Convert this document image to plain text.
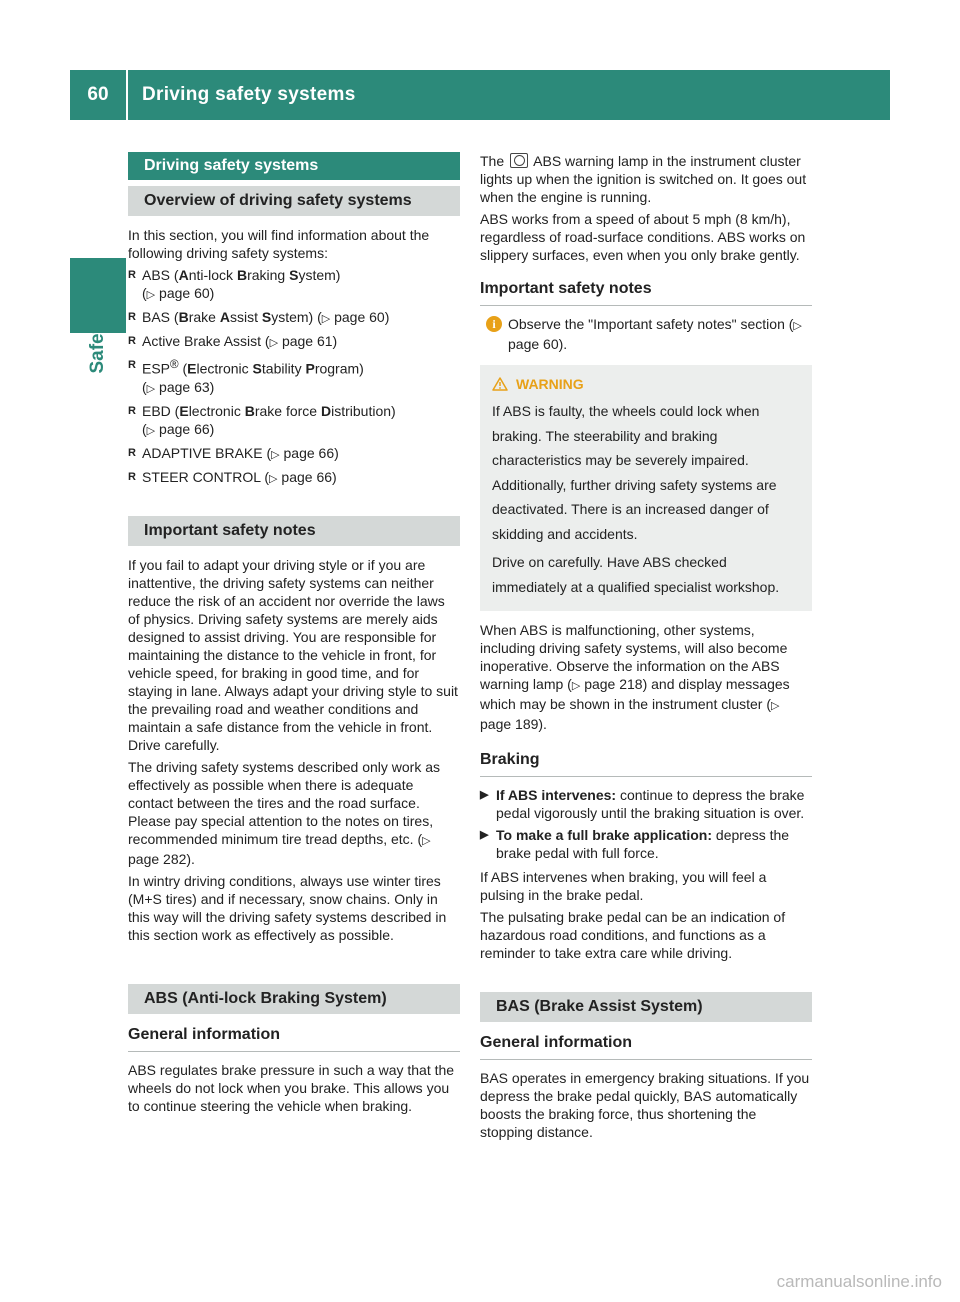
60	Driving safety systems
Safety
Driving safety systems
Overview of driving safety systems

In this section, you will find information about the following driving safety systems:

R ABS (Anti-lock Braking System)
(▷ page 60)
R BAS (Brake Assist System) (▷ page 60)
R Active Brake Assist (▷ page 61)
R ESP® (Electronic Stability Program)
(▷ page 63)
R EBD (Electronic Brake force Distribution)
(▷ page 66)
R ADAPTIVE BRAKE (▷ page 66)
R STEER CONTROL (▷ page 66)
Important safety notes

If you fail to adapt your driving style or if you are inattentive, the driving safety systems can neither reduce the risk of an accident nor override the laws of physics. Driving safety systems are merely aids designed to assist driving. You are responsible for maintaining the distance to the vehicle in front, for vehicle speed, for braking in good time, and for staying in lane. Always adapt your driving style to suit the prevailing road and weather conditions and maintain a safe distance from the vehicle in front. Drive carefully.

The driving safety systems described only work as effectively as possible when there is adequate contact between the tires and the road surface. Please pay special attention to the notes on tires, recommended minimum tire tread depths, etc. (▷ page 282).

In wintry driving conditions, always use winter tires (M+S tires) and if necessary, snow chains. Only in this way will the driving safety systems described in this section work as effectively as possible.

ABS (Anti-lock Braking System)
General information

ABS regulates brake pressure in such a way that the wheels do not lock when you brake. This allows you to continue steering the vehicle when braking.

The ABS warning lamp in the instrument cluster lights up when the ignition is switched on. It goes out when the engine is running.

ABS works from a speed of about 5 mph (8 km/h), regardless of road-surface conditions. ABS works on slippery surfaces, even when you only brake gently.

Important safety notes
i Observe the "Important safety notes" section (▷ page 60).
WARNING

If ABS is faulty, the wheels could lock when braking. The steerability and braking characteristics may be severely impaired. Additionally, further driving safety systems are deactivated. There is an increased danger of skidding and accidents.

Drive on carefully. Have ABS checked immediately at a qualified specialist workshop.

When ABS is malfunctioning, other systems, including driving safety systems, will also become inoperative. Observe the information on the ABS warning lamp (▷ page 218) and display messages which may be shown in the instrument cluster (▷ page 189).

Braking
▶ If ABS intervenes: continue to depress the brake pedal vigorously until the braking situation is over.
▶ To make a full brake application: depress the brake pedal with full force.

If ABS intervenes when braking, you will feel a pulsing in the brake pedal.

The pulsating brake pedal can be an indication of hazardous road conditions, and functions as a reminder to take extra care while driving.

BAS (Brake Assist System)
General information

BAS operates in emergency braking situations. If you depress the brake pedal quickly, BAS automatically boosts the braking force, thus shortening the stopping distance.

carmanualsonline.info
